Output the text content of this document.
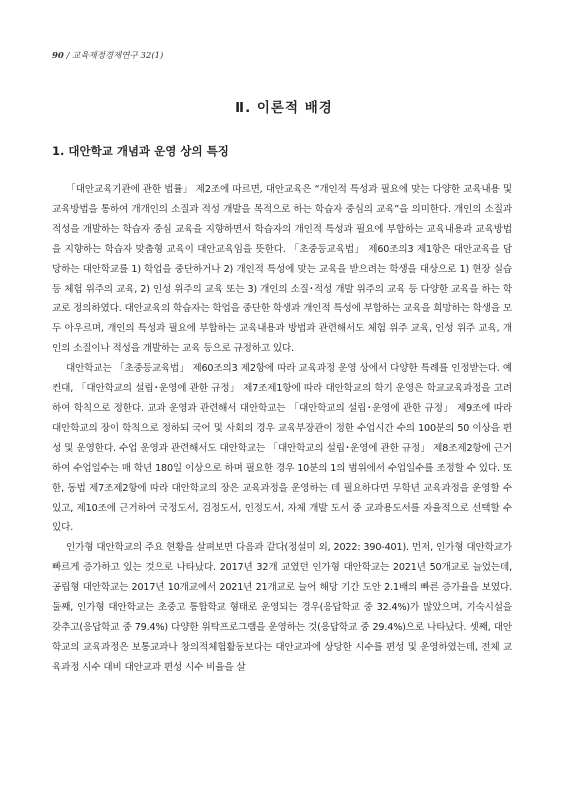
90 / 교육재정경제연구 32(1)
Ⅱ. 이론적 배경
1. 대안학교 개념과 운영 상의 특징

「대안교육기관에 관한 법률」 제2조에 따르면, 대안교육은 “개인적 특성과 필요에 맞는 다양한 교육내용 및 교육방법을 통하여 개개인의 소질과 적성 개발을 목적으로 하는 학습자 중심의 교육”을 의미한다. 개인의 소질과 적성을 개발하는 학습자 중심 교육을 지향하면서 학습자의 개인적 특성과 필요에 부합하는 교육내용과 교육방법을 지향하는 학습자 맞춤형 교육이 대안교육임을 뜻한다. 「초중등교육법」 제60조의3 제1항은 대안교육을 담당하는 대안학교를 1) 학업을 중단하거나 2) 개인적 특성에 맞는 교육을 받으려는 학생을 대상으로 1) 현장 실습 등 체험 위주의 교육, 2) 인성 위주의 교육 또는 3) 개인의 소질･적성 개발 위주의 교육 등 다양한 교육을 하는 학교로 정의하였다. 대안교육의 학습자는 학업을 중단한 학생과 개인적 특성에 부합하는 교육을 희망하는 학생을 모두 아우르며, 개인의 특성과 필요에 부합하는 교육내용과 방법과 관련해서도 체험 위주 교육, 인성 위주 교육, 개인의 소질이나 적성을 개발하는 교육 등으로 규정하고 있다.

대안학교는 「초중등교육법」 제60조의3 제2항에 따라 교육과정 운영 상에서 다양한 특례를 인정받는다. 예컨대, 「대안학교의 설립･운영에 관한 규정」 제7조제1항에 따라 대안학교의 학기 운영은 학교교육과정을 고려하여 학칙으로 정한다. 교과 운영과 관련해서 대안학교는 「대안학교의 설립･운영에 관한 규정」 제9조에 따라 대안학교의 장이 학칙으로 정하되 국어 및 사회의 경우 교육부장관이 정한 수업시간 수의 100분의 50 이상을 편성 및 운영한다. 수업 운영과 관련해서도 대안학교는 「대안학교의 설립･운영에 관한 규정」 제8조제2항에 근거하여 수업일수는 매 학년 180일 이상으로 하며 필요한 경우 10분의 1의 범위에서 수업일수를 조정할 수 있다. 또한, 동법 제7조제2항에 따라 대안학교의 장은 교육과정을 운영하는 데 필요하다면 무학년 교육과정을 운영할 수 있고, 제10조에 근거하여 국정도서, 검정도서, 인정도서, 자체 개발 도서 중 교과용도서를 자율적으로 선택할 수 있다.

인가형 대안학교의 주요 현황을 살펴보면 다음과 같다(정설미 외, 2022: 390-401). 먼저, 인가형 대안학교가 빠르게 증가하고 있는 것으로 나타났다. 2017년 32개 교였던 인가형 대안학교는 2021년 50개교로 늘었는데, 공립형 대안학교는 2017년 10개교에서 2021년 21개교로 늘어 해당 기간 도안 2.1배의 빠른 증가율을 보였다. 둘째, 인가형 대안학교는 초중고 통합학교 형태로 운영되는 경우(응답학교 중 32.4%)가 많았으며, 기숙시설을 갖추고(응답학교 중 79.4%) 다양한 위탁프로그램을 운영하는 것(응답학교 중 29.4%)으로 나타났다. 셋째, 대안학교의 교육과정은 보통교과나 창의적체험활동보다는 대안교과에 상당한 시수를 편성 및 운영하였는데, 전체 교육과정 시수 대비 대안교과 편성 시수 비율을 살
